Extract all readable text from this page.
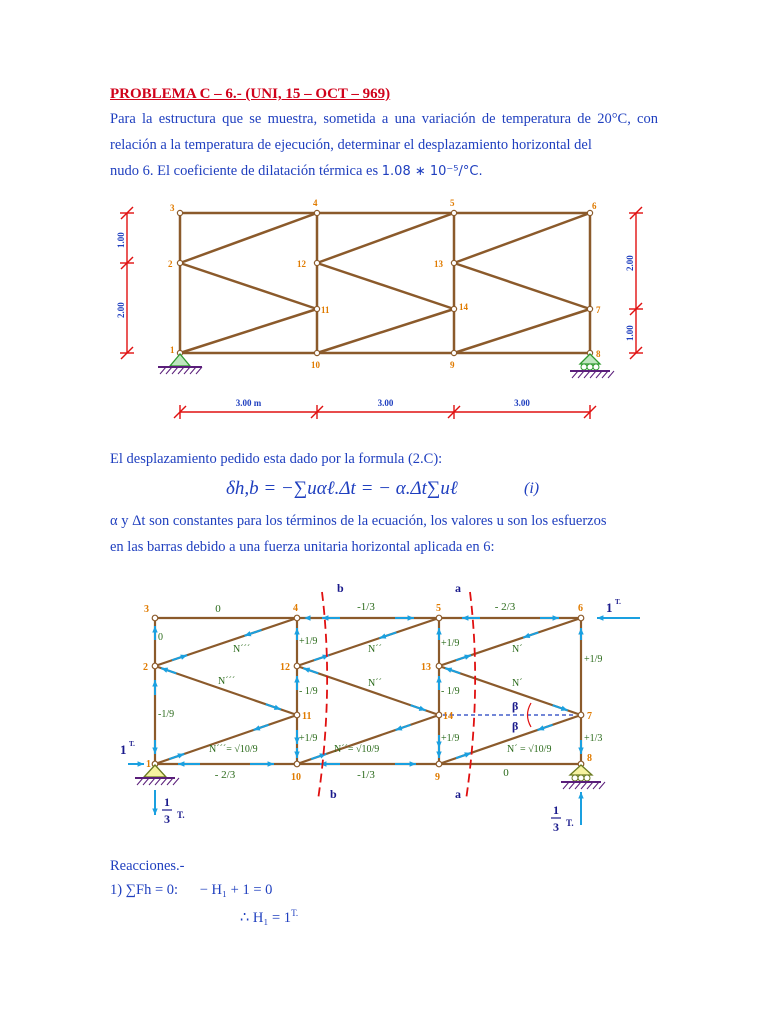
PROBLEMA C – 6.- (UNI, 15 – OCT – 969)
Para la estructura que se muestra, sometida a una variación de temperatura de 20°C, con relación a la temperatura de ejecución, determinar el desplazamiento horizontal del
nudo 6. El coeficiente de dilatación térmica es 1.08 ∗ 10⁻⁵/°C.
1
2
3	4	5	6
7
8
9
10
11
12	13
14
1.00
2.00
2.00
1.00
3.00 m	3.00	3.00
El desplazamiento pedido esta dado por la formula (2.C):
δh,b = −∑uαℓ.Δt = − α.Δt∑uℓ	(i)
α y Δt son constantes para los términos de la ecuación, los valores u son los esfuerzos
en las barras debido a una fuerza unitaria horizontal aplicada en 6:
1
2
3	4	5	6
7
8
9
10
11
12	13
14
b	a
b	a
0	-1/3	- 2/3
- 2/3	-1/3	0
0
-1/9
+1/9
- 1/9
+1/9
+1/9
- 1/9
+1/9
+1/9
+1/3
N´´´
N´´´
N´´
N´´
N´
N´
N´´´= √10/9	N´´= √10/9	N´ = √10/9
β
β
1 T.
1 T.
1
3 T.	1
3 T.
Reacciones.-
1) ∑Fh = 0: − H₁ + 1 = 0
∴ $H_1 = 1^{T.}$
